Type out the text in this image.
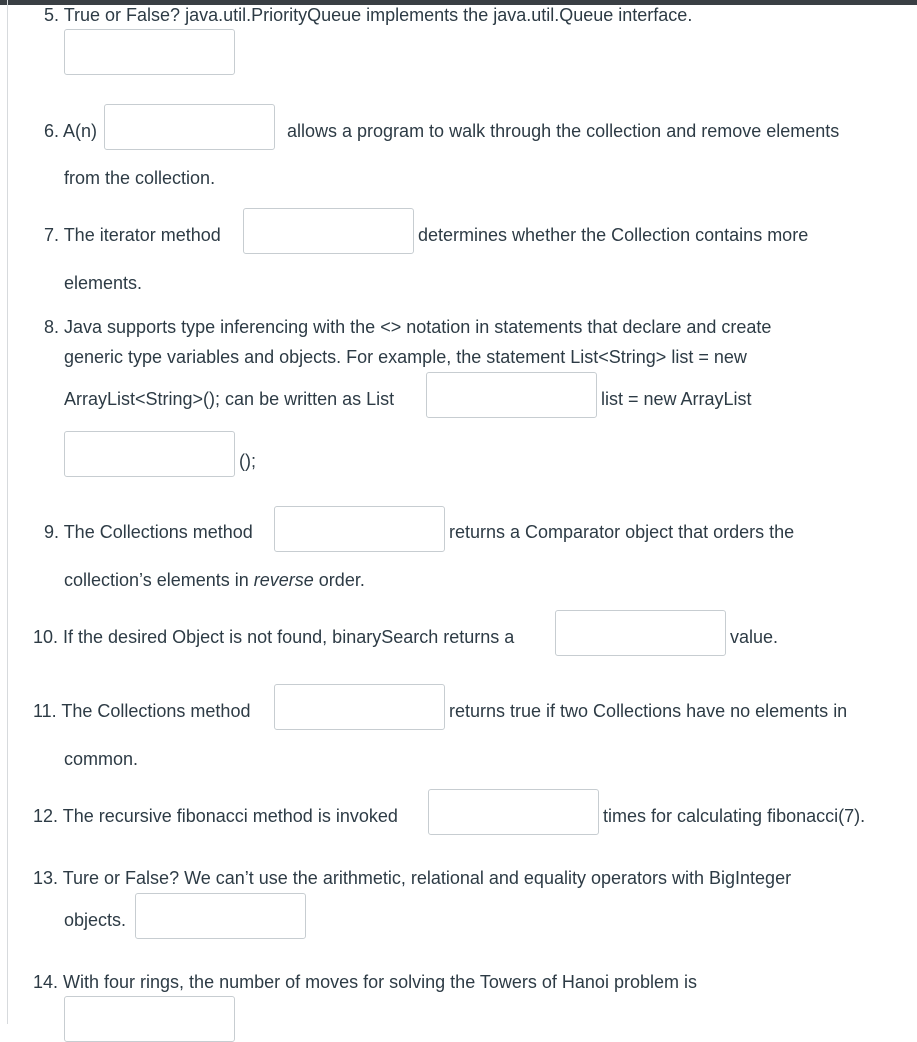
5. True or False? java.util.PriorityQueue implements the java.util.Queue interface.
6. A(n)	allows a program to walk through the collection and remove elements
from the collection.
7. The iterator method	determines whether the Collection contains more
elements.
8. Java supports type inferencing with the <> notation in statements that declare and create
generic type variables and objects. For example, the statement List<String> list = new
ArrayList<String>(); can be written as List	list = new ArrayList
();
9. The Collections method	returns a Comparator object that orders the
collection’s elements in reverse order.
10. If the desired Object is not found, binarySearch returns a	value.
11. The Collections method	returns true if two Collections have no elements in
common.
12. The recursive fibonacci method is invoked	times for calculating fibonacci(7).
13. Ture or False? We can’t use the arithmetic, relational and equality operators with BigInteger
objects.
14. With four rings, the number of moves for solving the Towers of Hanoi problem is
